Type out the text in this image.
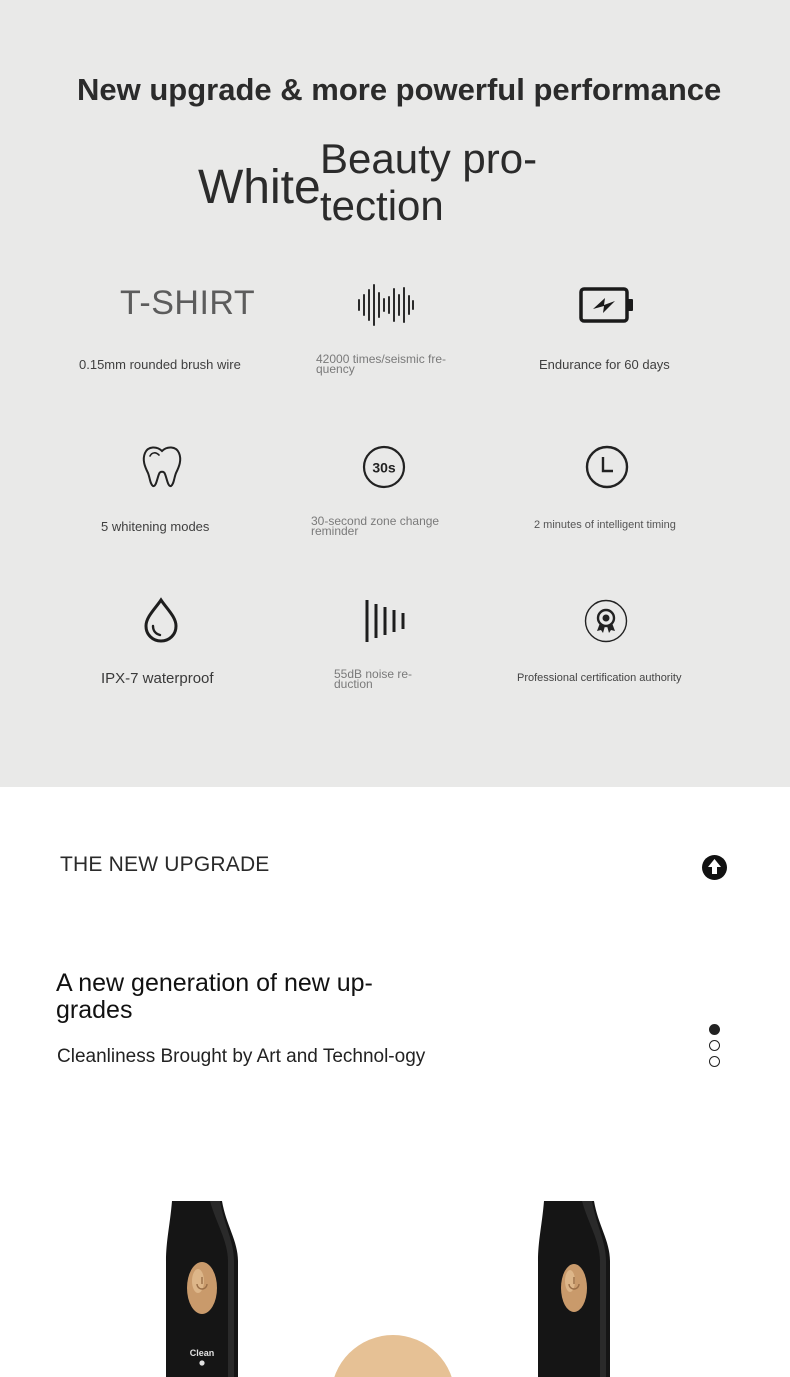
New upgrade & more powerful performance
White
Beauty pro-tection
T-SHIRT
0.15mm rounded brush wire	42000 times/seismic fre-quency	Endurance for 60 days
5 whitening modes
30s
30-second zone change reminder	2 minutes of intelligent timing
IPX-7 waterproof	55dB noise re-duction	Professional certification authority
THE NEW UPGRADE
A new generation of new up-grades

Cleanliness Brought by Art and Technol-ogy

Clean
